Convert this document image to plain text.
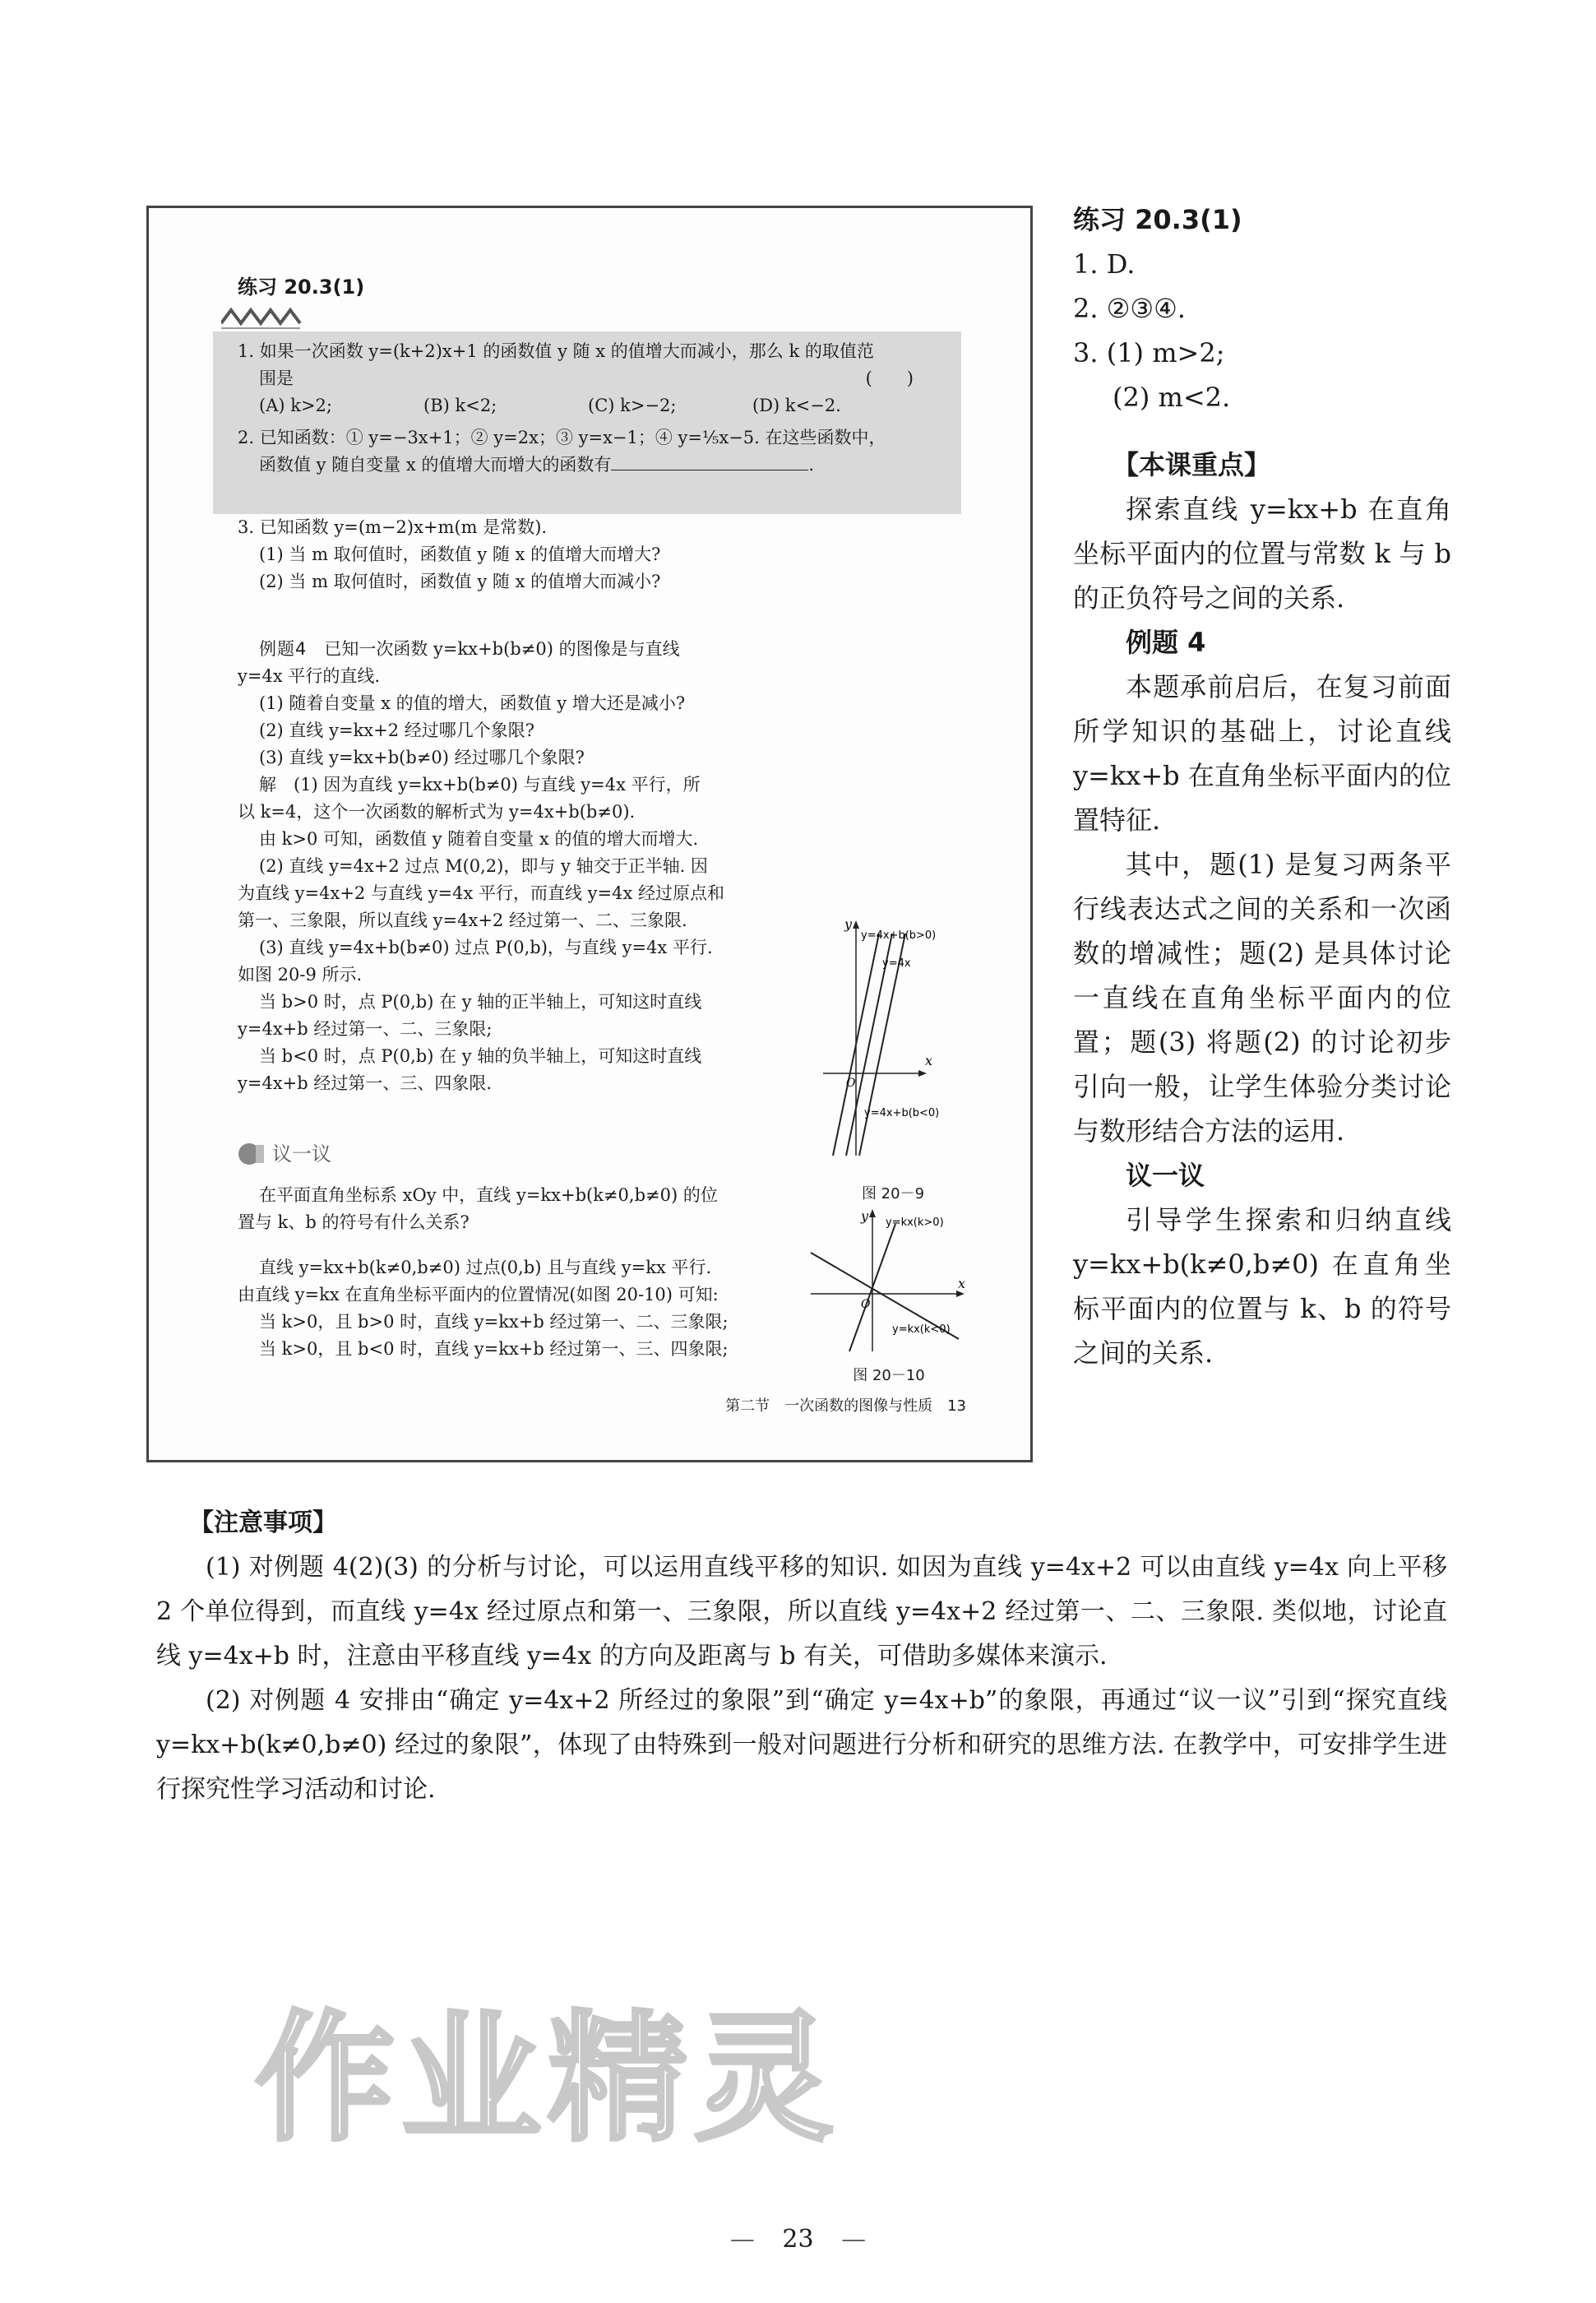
练习 20.3(1)

1. 如果一次函数 y=(k+2)x+1 的函数值 y 随 x 的值增大而减小，那么 k 的取值范

围是	(　　)

(A) k>2;	(B) k<2;	(C) k>−2;	(D) k<−2.

2. 已知函数：① y=−3x+1；② y=2x；③ y=x−1；④ y=⅕x−5. 在这些函数中，

函数值 y 随自变量 x 的值增大而增大的函数有	.

3. 已知函数 y=(m−2)x+m(m 是常数).
(1) 当 m 取何值时，函数值 y 随 x 的值增大而增大?
(2) 当 m 取何值时，函数值 y 随 x 的值增大而减小?

例题4　 已知一次函数 y=kx+b(b≠0) 的图像是与直线

y=4x 平行的直线.

(1) 随着自变量 x 的值的增大，函数值 y 增大还是减小?

(2) 直线 y=kx+2 经过哪几个象限?

(3) 直线 y=kx+b(b≠0) 经过哪几个象限?

解　(1) 因为直线 y=kx+b(b≠0) 与直线 y=4x 平行，所

以 k=4，这个一次函数的解析式为 y=4x+b(b≠0).

由 k>0 可知，函数值 y 随着自变量 x 的值的增大而增大.

(2) 直线 y=4x+2 过点 M(0,2)，即与 y 轴交于正半轴. 因

为直线 y=4x+2 与直线 y=4x 平行，而直线 y=4x 经过原点和

第一、三象限，所以直线 y=4x+2 经过第一、二、三象限.

(3) 直线 y=4x+b(b≠0) 过点 P(0,b)，与直线 y=4x 平行.

如图 20-9 所示.

当 b>0 时，点 P(0,b) 在 y 轴的正半轴上，可知这时直线

y=4x+b 经过第一、二、三象限;

当 b<0 时，点 P(0,b) 在 y 轴的负半轴上，可知这时直线

y=4x+b 经过第一、三、四象限.

y
x
O
y=4x+b(b>0)
y=4x
y=4x+b(b<0)
图 20－9
议一议

在平面直角坐标系 xOy 中，直线 y=kx+b(k≠0,b≠0) 的位

置与 k、b 的符号有什么关系?

直线 y=kx+b(k≠0,b≠0) 过点(0,b) 且与直线 y=kx 平行.

由直线 y=kx 在直角坐标平面内的位置情况(如图 20-10) 可知:

当 k>0，且 b>0 时，直线 y=kx+b 经过第一、二、三象限;

当 k>0，且 b<0 时，直线 y=kx+b 经过第一、三、四象限;

y
x
O
y=kx(k>0)
y=kx(k<0)
图 20－10
第二节　一次函数的图像与性质　13

练习 20.3(1)

1. D.

2. ②③④.

3. (1) m>2;

(2) m<2.

【本课重点】

探索直线 y=kx+b 在直角坐标平面内的位置与常数 k 与 b 的正负符号之间的关系.

例题 4

本题承前启后，在复习前面所学知识的基础上，讨论直线 y=kx+b 在直角坐标平面内的位置特征.

其中，题(1) 是复习两条平行线表达式之间的关系和一次函数的增减性；题(2) 是具体讨论一直线在直角坐标平面内的位置；题(3) 将题(2) 的讨论初步引向一般，让学生体验分类讨论与数形结合方法的运用.

议一议

引导学生探索和归纳直线 y=kx+b(k≠0,b≠0) 在直角坐标平面内的位置与 k、b 的符号之间的关系.

【注意事项】

(1) 对例题 4(2)(3) 的分析与讨论，可以运用直线平移的知识. 如因为直线 y=4x+2 可以由直线 y=4x 向上平移 2 个单位得到，而直线 y=4x 经过原点和第一、三象限，所以直线 y=4x+2 经过第一、二、三象限. 类似地，讨论直线 y=4x+b 时，注意由平移直线 y=4x 的方向及距离与 b 有关，可借助多媒体来演示.

(2) 对例题 4 安排由“确定 y=4x+2 所经过的象限”到“确定 y=4x+b”的象限，再通过“议一议”引到“探究直线 y=kx+b(k≠0,b≠0) 经过的象限”，体现了由特殊到一般对问题进行分析和研究的思维方法. 在教学中，可安排学生进行探究性学习活动和讨论.

作业精灵
— 23 —
